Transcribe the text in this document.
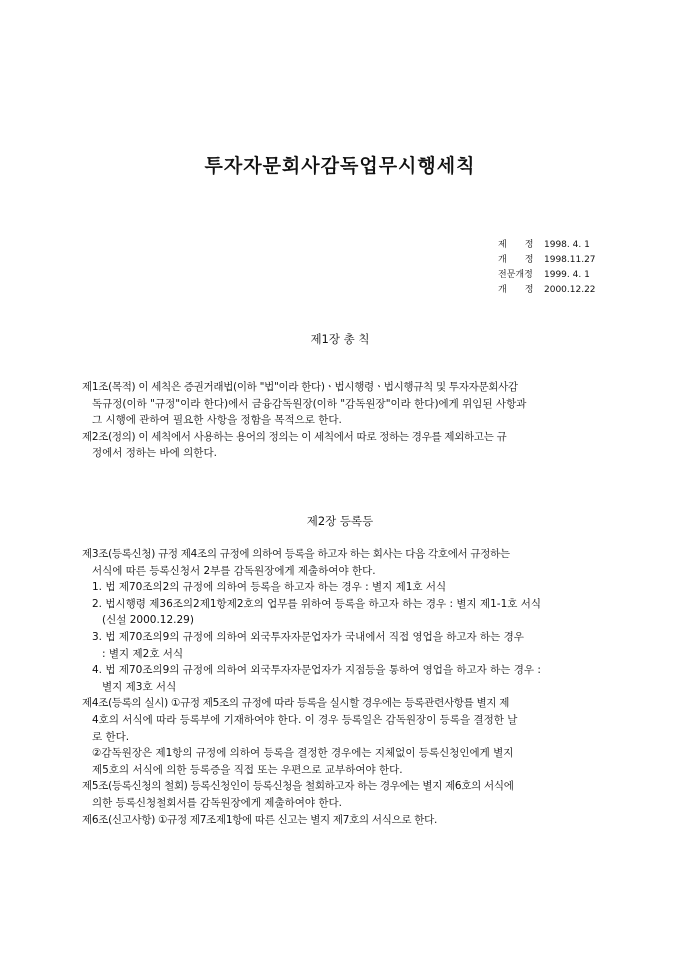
투자자문회사감독업무시행세칙
제　　정	1998. 4. 1
개　　정	1998.11.27
전문개정	1999. 4. 1
개　　정	2000.12.22
제1장 총 칙
제1조(목적) 이 세칙은 증권거래법(이하 "법"이라 한다)ㆍ법시행령ㆍ법시행규칙 및 투자자문회사감
독규정(이하 "규정"이라 한다)에서 금융감독원장(이하 "감독원장"이라 한다)에게 위임된 사항과
그 시행에 관하여 필요한 사항을 정함을 목적으로 한다.
제2조(정의) 이 세칙에서 사용하는 용어의 정의는 이 세칙에서 따로 정하는 경우를 제외하고는 규
정에서 정하는 바에 의한다.
제2장 등록등
제3조(등록신청) 규정 제4조의 규정에 의하여 등록을 하고자 하는 회사는 다음 각호에서 규정하는
서식에 따른 등록신청서 2부를 감독원장에게 제출하여야 한다.
1. 법 제70조의2의 규정에 의하여 등록을 하고자 하는 경우 : 별지 제1호 서식
2. 법시행령 제36조의2제1항제2호의 업무를 위하여 등록을 하고자 하는 경우 : 별지 제1-1호 서식
(신설 2000.12.29)
3. 법 제70조의9의 규정에 의하여 외국투자자문업자가 국내에서 직접 영업을 하고자 하는 경우
: 별지 제2호 서식
4. 법 제70조의9의 규정에 의하여 외국투자자문업자가 지점등을 통하여 영업을 하고자 하는 경우 :
별지 제3호 서식
제4조(등록의 실시) ①규정 제5조의 규정에 따라 등록을 실시할 경우에는 등록관련사항를 별지 제
4호의 서식에 따라 등록부에 기재하여야 한다. 이 경우 등록일은 감독원장이 등록을 결정한 날
로 한다.
②감독원장은 제1항의 규정에 의하여 등록을 결정한 경우에는 지체없이 등록신청인에게 별지
제5호의 서식에 의한 등록증을 직접 또는 우편으로 교부하여야 한다.
제5조(등록신청의 철회) 등록신청인이 등록신청을 철회하고자 하는 경우에는 별지 제6호의 서식에
의한 등록신청철회서를 감독원장에게 제출하여야 한다.
제6조(신고사항) ①규정 제7조제1항에 따른 신고는 별지 제7호의 서식으로 한다.
